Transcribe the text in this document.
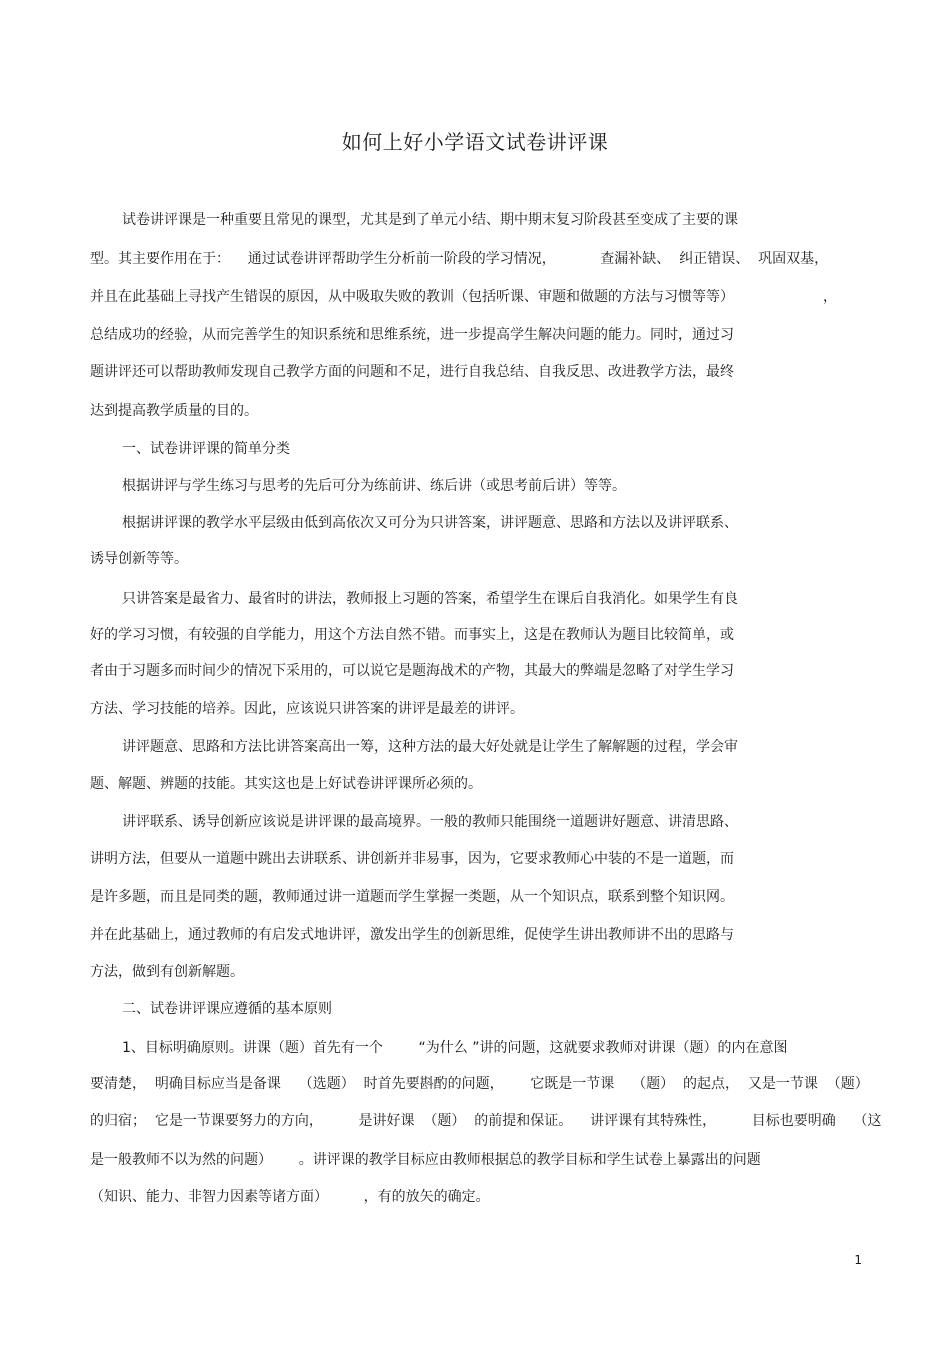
如何上好小学语文试卷讲评课
试卷讲评课是一种重要且常见的课型，尤其是到了单元小结、期中期末复习阶段甚至变成了主要的课
型。其主要作用在于：    通过试卷讲评帮助学生分析前一阶段的学习情况，          查漏补缺、  纠正错误、  巩固双基，
并且在此基础上寻找产生错误的原因，从中吸取失败的教训（包括听课、审题和做题的方法与习惯等等）                    ，
总结成功的经验，从而完善学生的知识系统和思维系统，进一步提高学生解决问题的能力。同时，通过习
题讲评还可以帮助教师发现自己教学方面的问题和不足，进行自我总结、自我反思、改进教学方法，最终
达到提高教学质量的目的。
一、试卷讲评课的简单分类
根据讲评与学生练习与思考的先后可分为练前讲、练后讲（或思考前后讲）等等。
根据讲评课的教学水平层级由低到高依次又可分为只讲答案，讲评题意、思路和方法以及讲评联系、
诱导创新等等。
只讲答案是最省力、最省时的讲法，教师报上习题的答案，希望学生在课后自我消化。如果学生有良
好的学习习惯，有较强的自学能力，用这个方法自然不错。而事实上，这是在教师认为题目比较简单，或
者由于习题多而时间少的情况下采用的，可以说它是题海战术的产物，其最大的弊端是忽略了对学生学习
方法、学习技能的培养。因此，应该说只讲答案的讲评是最差的讲评。
讲评题意、思路和方法比讲答案高出一筹，这种方法的最大好处就是让学生了解解题的过程，学会审
题、解题、辨题的技能。其实这也是上好试卷讲评课所必须的。
讲评联系、诱导创新应该说是讲评课的最高境界。一般的教师只能围绕一道题讲好题意、讲清思路、
讲明方法，但要从一道题中跳出去讲联系、讲创新并非易事，因为，它要求教师心中装的不是一道题，而
是许多题，而且是同类的题，教师通过讲一道题而学生掌握一类题，从一个知识点，联系到整个知识网。
并在此基础上，通过教师的有启发式地讲评，激发出学生的创新思维，促使学生讲出教师讲不出的思路与
方法，做到有创新解题。
二、试卷讲评课应遵循的基本原则
1、目标明确原则。讲课（题）首先有一个        “为什么 ”讲的问题，这就要求教师对讲课（题）的内在意图
要清楚，  明确目标应当是备课    （选题）  时首先要斟酌的问题，      它既是一节课    （题）  的起点，  又是一节课  （题）
的归宿；  它是一节课要努力的方向，        是讲好课  （题）  的前提和保证。    讲评课有其特殊性，        目标也要明确    （这
是一般教师不以为然的问题）      。讲评课的教学目标应由教师根据总的教学目标和学生试卷上暴露出的问题
（知识、能力、非智力因素等诸方面）        ，有的放矢的确定。
1
